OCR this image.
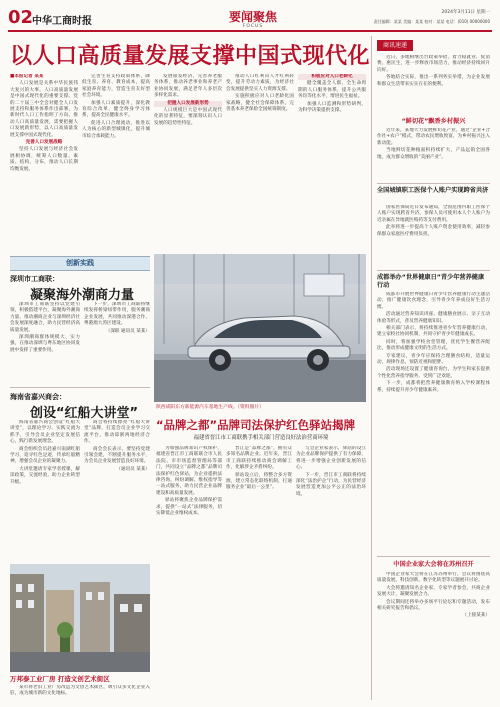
02
中华工商时报	要闻聚焦
FOCUS
2024年3月11日 星期一
责任编辑：某某 美编：某某 校对：某某 电话：(010) 00000000
以人口高质量发展支撑中国式现代化

■本报记者 某某

人口发展是关系中华民族伟大复兴的大事。人口高质量发展是中国式现代化的重要支撑。党的二十届三中全会对健全人口发展支持和服务体系作出部署，为新时代人口工作指明了方向。推动人口高质量发展，需要把握人口发展新形势，以人口高质量发展支撑中国式现代化。

完善人口发展战略

坚持人口发展与经济社会发展相协调，统筹人口数量、素质、结构、分布，推动人口长期均衡发展。

完善生育支持政策体系，降低生育、养育、教育成本，提高家庭养育能力，营造生育友好型社会环境。

加强人口素质提升，深化教育综合改革，健全终身学习体系，提高全民健康水平。

促进人口合理流动，推进以人为核心的新型城镇化，提升城市综合承载能力。

发展银发经济，完善养老服务体系，推动养老事业和养老产业协同发展，满足老年人多层次多样化需求。

把握人口发展新形势

人口规模巨大是中国式现代化的显著特征，要深刻认识人口发展的趋势性特征。

推动人口红利向人才红利转变，提升劳动力素质，为经济社会发展提供坚实人力资源支撑。

实施积极应对人口老龄化国家战略，健全社会保障体系，完善基本养老保险全国统筹制度。

积极应对人口老龄化

健全覆盖全人群、全生命周期的人口服务体系，提升公共服务均等化水平，增进民生福祉。

加强人口监测和形势研判，为科学决策提供支撑。

创新实践
深圳市工商联：
凝聚海外潮商力量

深圳市工商联坚持以党建引领，积极搭建平台，凝聚海外潮商力量，推动潮商企业与深圳经济社会发展深度融合，助力民营经济高质量发展。

深圳潮商群体规模大、实力强，在推动深圳与粤东地区协同发展中发挥了重要作用。

下一步，深圳市工商联将继续发挥桥梁纽带作用，服务潮商企业发展，共同推动深港合作、粤港澳大湾区建设。

（深联 通讯员 某某）

海南省嘉兴商会：
创设“红船大讲堂”

海南省嘉兴商会创设“红船大讲堂”，以理论学习、实践交流为抓手，引导会员企业坚定发展信心，践行新发展理念。

商会组织会员赴嘉兴南湖红船学习，追寻红色足迹，传承红船精神，增强会员企业的凝聚力。

大讲堂邀请专家学者授课，解读政策，交流经验，助力企业转型升级。

商会将持续擦亮“红船大讲堂”品牌，打造会员企业学习交流平台，推动琼浙两地经济合作。

商会会长表示，要坚持党建引领会建，不断提升服务水平，为会员企业发展营造良好环境。

（通讯员 某某）

陕西咸阳东方新能源汽车基地生产线。（资料图片）
“品牌之都”品牌司法保护红色驿站揭牌
福建省晋江市工商联携手相关部门营造良好法治营商环境

为加强品牌知识产权保护，福建省晋江市工商联联合市人民法院、市市场监督管理局等部门，共同设立“品牌之都”品牌司法保护红色驿站，为企业提供法律咨询、纠纷调解、维权指导等一站式服务，助力民营企业品牌建设和高质量发展。

驿站将聚焦企业品牌保护需求，提供“一站式”法律服务，切实降低企业维权成本。

晋江是“品牌之都”，拥有众多知名品牌企业。近年来，晋江市工商联持续推动商会调解工作，化解涉企矛盾纠纷。

驿站设立后，将整合多方资源，建立常态化联络机制，打通服务企业“最后一公里”。

与会企业家表示，驿站的设立为企业品牌保护提供了有力保障，将进一步增强企业创新发展的信心。

下一步，晋江市工商联将持续深化“法治护企”行动，为民营经济发展营造更加公平公正的法治环境。

万邦泰工业厂房 打造文创艺术街区
某市将老旧工业厂房改造为文创艺术街区，吸引众多文化企业入驻，成为城市新的文化地标。
商讯速递

近日，多地相继出台政策举措，着力稳就业、促消费、惠民生，进一步释放市场活力，推动经济持续回升向好。

各地结合实际，推出一系列务实举措，为企业发展和群众生活带来实实在在的便利。

“鲜切花”飘香乡村振兴

近年来，某地大力发展鲜切花产业，通过“企业+合作社+农户”模式，带动农民增收致富，为乡村振兴注入新动能。

当地鲜切花种植面积持续扩大，产品远销全国各地，成为群众增收的“美丽产业”。

全国城镇职工医保个人账户实现跨省共济

国家医保局近日发布通知，全国范围内职工医保个人账户实现跨省共济，参保人员可使用本人个人账户为近亲属在异地就医购药等支付费用。

此举将进一步提高个人账户资金使用效率，减轻参保群众家庭医疗费用负担。

成都举办“世界健康日”青少年营养健康行动

成都市开展世界健康日青少年营养健康行动主题活动，推广健康饮食理念，引导青少年养成良好生活习惯。

活动通过营养知识讲座、健康膳食展示、亲子互动体验等形式，普及营养健康知识。

相关部门表示，将持续推进青少年营养健康行动，建立家校社协同机制，共同守护青少年健康成长。

同时，将加强学校食堂管理，优化学生餐营养配比，推动形成健康文明的生活方式。

专家建议，青少年应保持合理膳食结构，适量运动，规律作息，预防近视和肥胖。

活动现场还设置了健康咨询台，为学生和家长提供个性化营养指导服务，受到广泛欢迎。

下一步，成都将把营养健康教育纳入学校课程体系，持续提升青少年健康素养。

中国企业家大会将在苏州召开

中国企业家大会将在江苏苏州举行，会议将围绕高质量发展、科技创新、数字化转型等议题展开讨论。

大会将邀请知名企业家、专家学者参会，共商企业发展大计，凝聚发展合力。

会议期间还将举办多场平行论坛和专题活动，发布相关研究报告和倡议。

（上接某某）
